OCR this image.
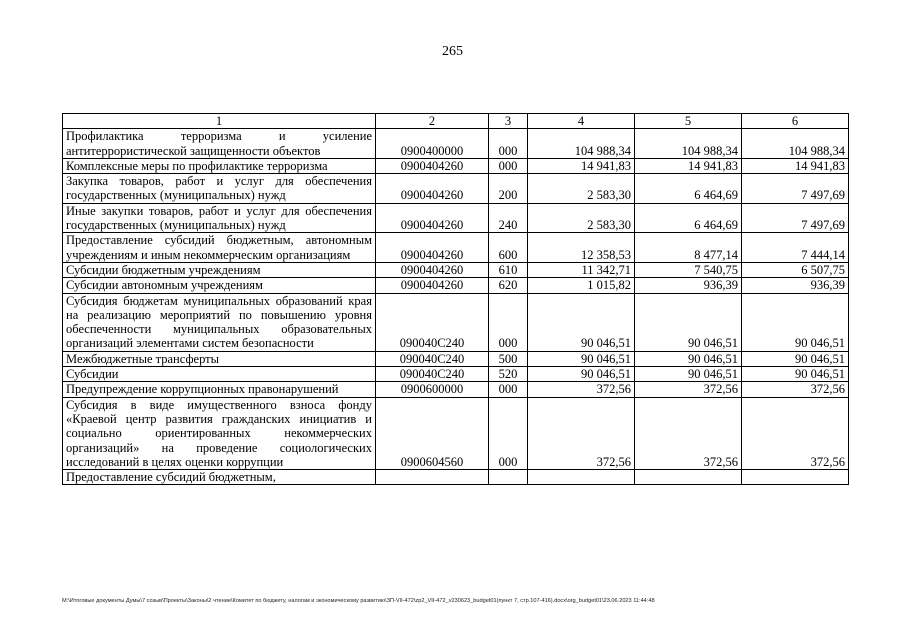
265
1	2	3	4	5	6
Профилактика терроризма и усиление антитеррористической защищенности объектов	0900400000	000	104 988,34	104 988,34	104 988,34
Комплексные меры по профилактике терроризма	0900404260	000	14 941,83	14 941,83	14 941,83
Закупка товаров, работ и услуг для обеспечения государственных (муниципальных) нужд	0900404260	200	2 583,30	6 464,69	7 497,69
Иные закупки товаров, работ и услуг для обеспечения государственных (муниципальных) нужд	0900404260	240	2 583,30	6 464,69	7 497,69
Предоставление субсидий бюджетным, автономным учреждениям и иным некоммерческим организациям	0900404260	600	12 358,53	8 477,14	7 444,14
Субсидии бюджетным учреждениям	0900404260	610	11 342,71	7 540,75	6 507,75
Субсидии автономным учреждениям	0900404260	620	1 015,82	936,39	936,39
Субсидия бюджетам муниципальных образований края на реализацию мероприятий по повышению уровня обеспеченности муниципальных образовательных организаций элементами систем безопасности	090040С240	000	90 046,51	90 046,51	90 046,51
Межбюджетные трансферты	090040С240	500	90 046,51	90 046,51	90 046,51
Субсидии	090040С240	520	90 046,51	90 046,51	90 046,51
Предупреждение коррупционных правонарушений	0900600000	000	372,56	372,56	372,56
Субсидия в виде имущественного взноса фонду «Краевой центр развития гражданских инициатив и социально ориентированных некоммерческих организаций» на проведение социологических исследований в целях оценки коррупции	0900604560	000	372,56	372,56	372,56
Предоставление субсидий бюджетным,					
M:\Итоговые документы Думы\7 созыв\Проекты\Законы\2 чтение\Комитет по бюджету, налогам и экономическому развитию\ЗП-VII-472\zp2_VII-472_v230623_budget01(пункт 7, стр.107-416).docx\org_budget01\23.06.2023 11:44:48
